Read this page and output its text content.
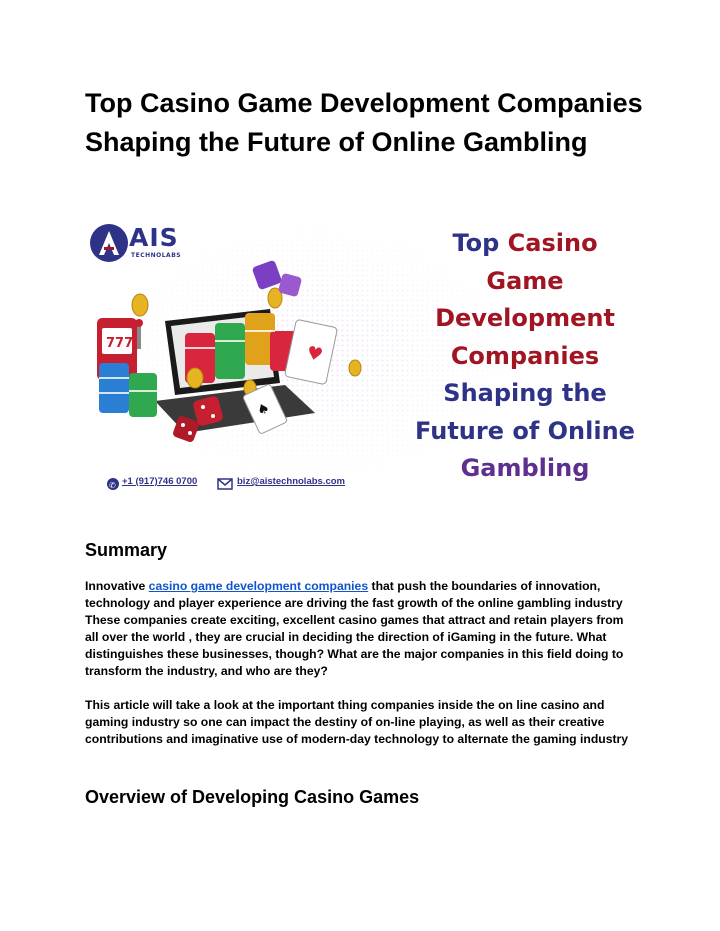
Top Casino Game Development Companies Shaping the Future of Online Gambling
777	♥
♠
✆
AIS
TECHNOLABS	Top Casino
Game
Development
Companies
Shaping the
Future of Online
Gambling
+1 (917)746 0700	biz@aistechnolabs.com
Summary

Innovative casino game development companies that push the boundaries of innovation, technology and player experience are driving the fast growth of the online gambling industry These companies create exciting, excellent casino games that attract and retain players from all over the world , they are crucial in deciding the direction of iGaming in the future. What distinguishes these businesses, though? What are the major companies in this field doing to transform the industry, and who are they?

This article will take a look at the important thing companies inside the on line casino and gaming industry so one can impact the destiny of on-line playing, as well as their creative contributions and imaginative use of modern-day technology to alternate the gaming industry

Overview of Developing Casino Games
